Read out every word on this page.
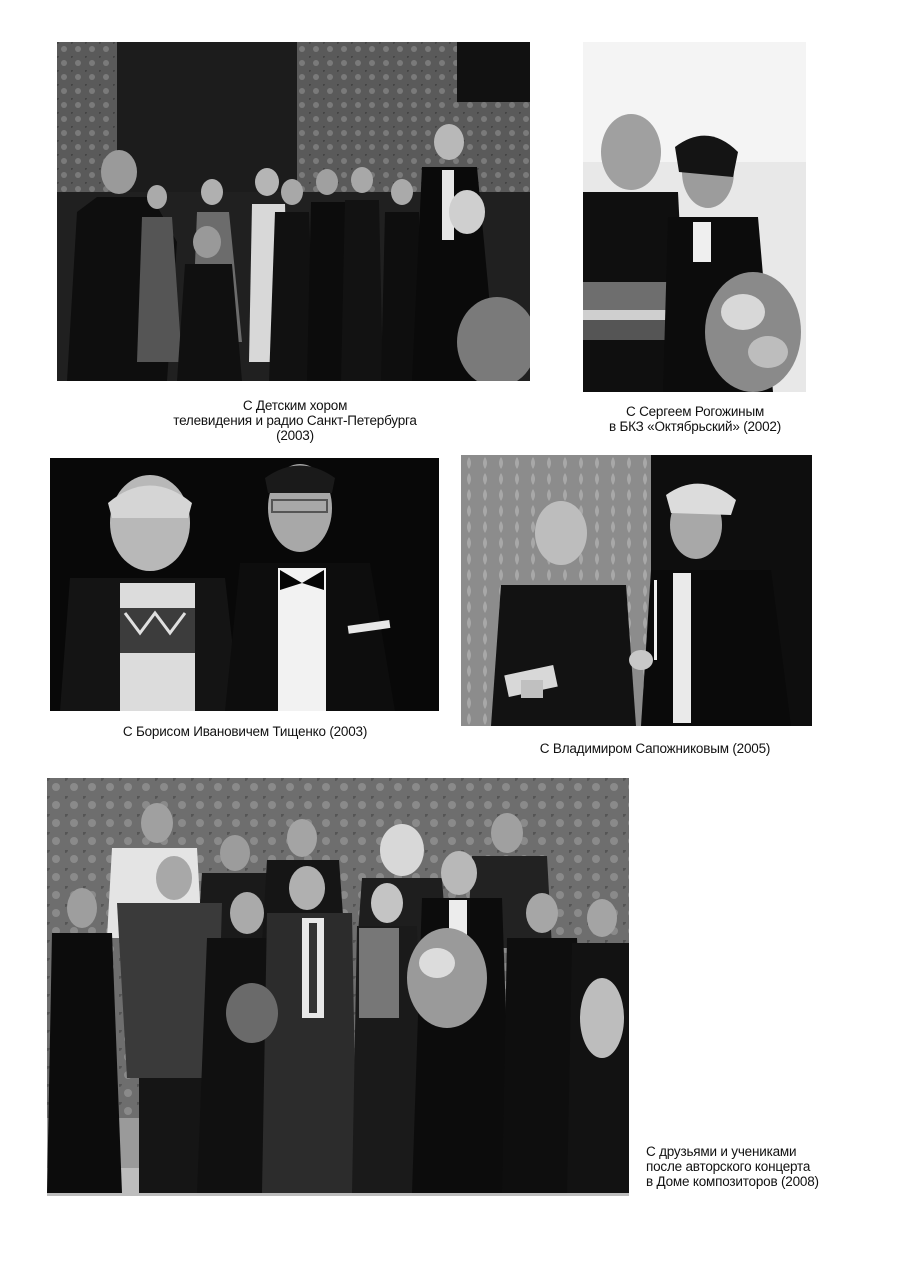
С Детским хором
телевидения и радио Санкт-Петербурга
(2003)
С Сергеем Рогожиным
в БКЗ «Октябрьский» (2002)
С Борисом Ивановичем Тищенко (2003)
С Владимиром Сапожниковым (2005)
С друзьями и учениками
после авторского концерта
в Доме композиторов (2008)
